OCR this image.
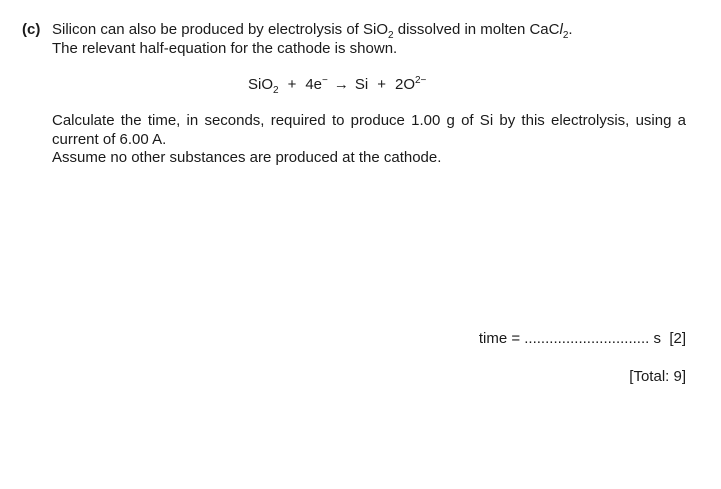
(c) Silicon can also be produced by electrolysis of SiO$_2$ dissolved in molten CaCl$_2$.
The relevant half-equation for the cathode is shown.
$SiO_2 + 4e^- \to Si + 2O^{2-}$
Calculate the time, in seconds, required to produce 1.00 g of Si by this electrolysis, using a current of 6.00 A.
Assume no other substances are produced at the cathode.
time = .............................. s [2]
[Total: 9]
